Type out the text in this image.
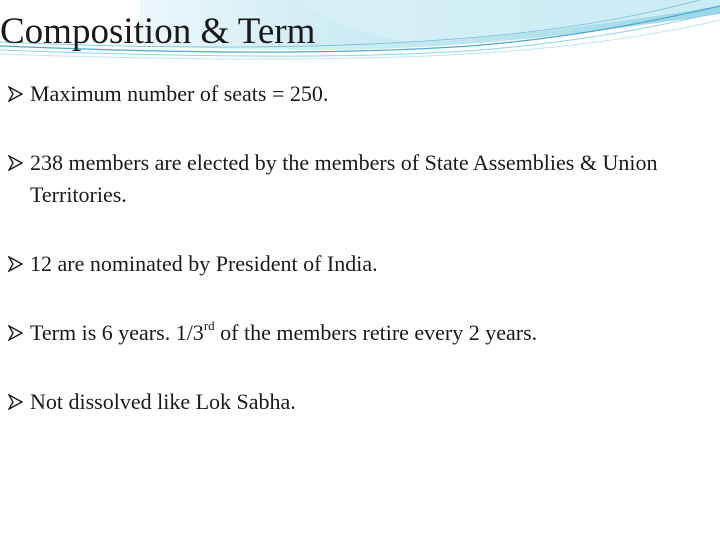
Composition & Term
Maximum number of seats = 250.
238 members are elected by the members of State Assemblies & Union Territories.
12 are nominated by President of India.
Term is 6 years. 1/3rd of the members retire every 2 years.
Not dissolved like Lok Sabha.
